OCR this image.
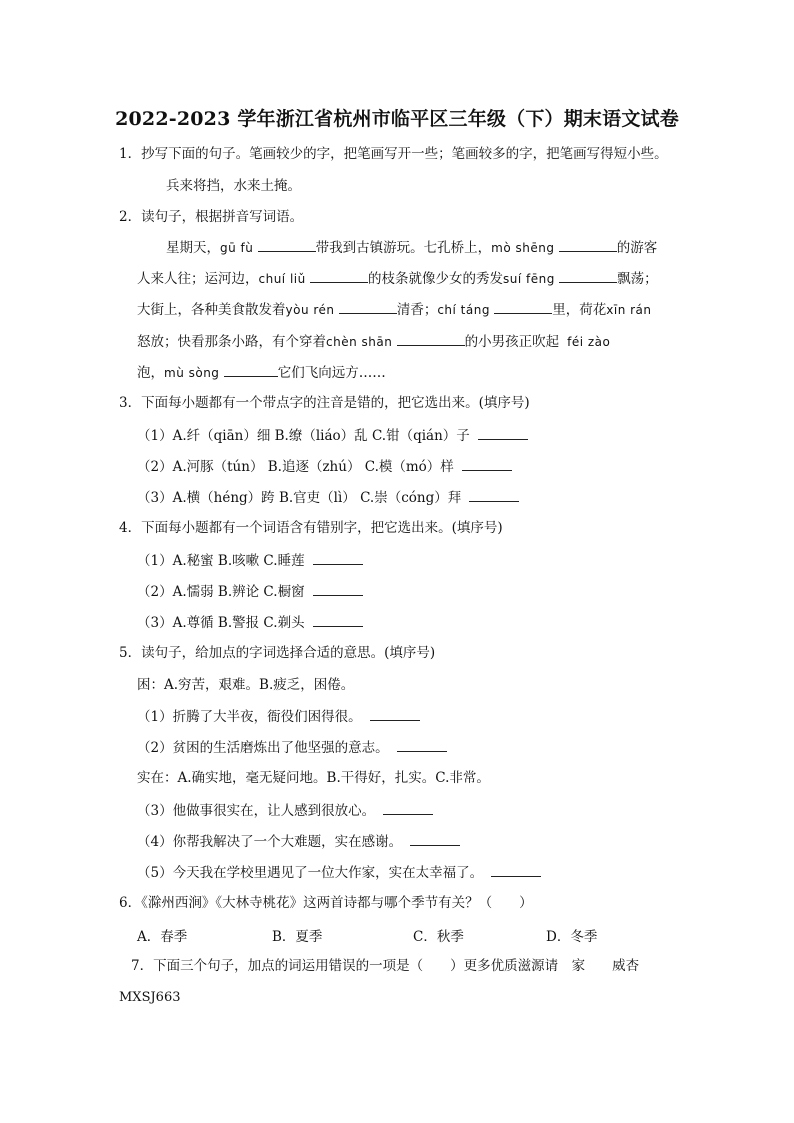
2022-2023 学年浙江省杭州市临平区三年级（下）期末语文试卷
1．抄写下面的句子。笔画较少的字，把笔画写开一些；笔画较多的字，把笔画写得短小些。
兵来将挡，水来土掩。
2．读句子，根据拼音写词语。
星期天，gū fù	带我到古镇游玩。七孔桥上，mò shēng	的游客
人来人往；运河边，chuí liǔ	的枝条就像少女的秀发suí fēng	飘荡；
大街上，各种美食散发着yòu rén	清香；chí táng	里，荷花xīn rán
怒放；快看那条小路，有个穿着chèn shān	的小男孩正吹起 féi zào
泡，mù sòng	它们飞向远方……
3．下面每小题都有一个带点字的注音是错的，把它选出来。(填序号)
（1）A.纤（qiān）细 B.缭（liáo）乱 C.钳（qián）子
（2）A.河豚（tún） B.追逐（zhú） C.模（mó）样
（3）A.横（héng）跨 B.官吏（lì） C.崇（cóng）拜
4．下面每小题都有一个词语含有错别字，把它选出来。(填序号)
（1）A.秘蜜 B.咳嗽 C.睡莲
（2）A.懦弱 B.辨论 C.橱窗
（3）A.尊循 B.警报 C.剃头
5．读句子，给加点的字词选择合适的意思。(填序号)
困：A.穷苦，艰难。B.疲乏，困倦。
（1）折腾了大半夜，衙役们困得很。
（2）贫困的生活磨炼出了他坚强的意志。
实在：A.确实地，毫无疑问地。B.干得好，扎实。C.非常。
（3）他做事很实在，让人感到很放心。
（4）你帮我解决了一个大难题，实在感谢。
（5）今天我在学校里遇见了一位大作家，实在太幸福了。
6．《滁州西涧》《大林寺桃花》这两首诗都与哪个季节有关？（　　）
A．春季	B．夏季	C．秋季	D．冬季
7．下面三个句子，加点的词运用错误的一项是（　　）更多优质滋源请　家　　威杏
MXSJ663
